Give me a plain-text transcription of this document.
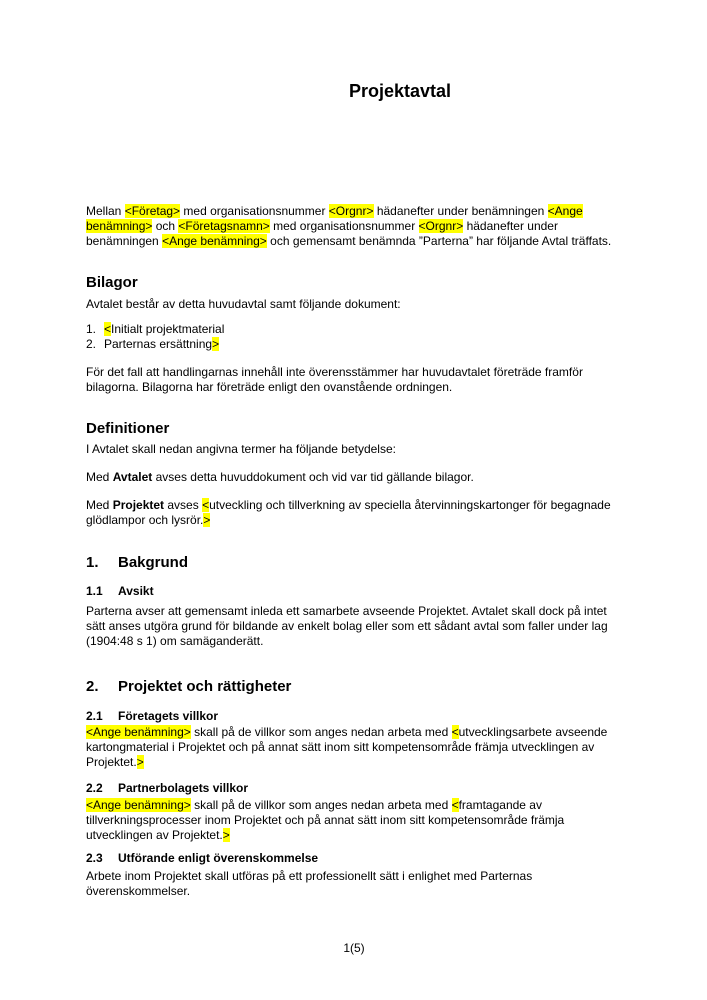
Projektavtal

Mellan <Företag> med organisationsnummer <Orgnr> hädanefter under benämningen <Ange benämning> och <Företagsnamn> med organisationsnummer <Orgnr> hädanefter under benämningen <Ange benämning> och gemensamt benämnda ”Parterna” har följande Avtal träffats.

Bilagor

Avtalet består av detta huvudavtal samt följande dokument:

1. <Initialt projektmaterial
2. Parternas ersättning>

För det fall att handlingarnas innehåll inte överensstämmer har huvudavtalet företräde framför bilagorna. Bilagorna har företräde enligt den ovanstående ordningen.

Definitioner

I Avtalet skall nedan angivna termer ha följande betydelse:

Med Avtalet avses detta huvuddokument och vid var tid gällande bilagor.

Med Projektet avses <utveckling och tillverkning av speciella återvinningskartonger för begagnade glödlampor och lysrör.>

1. Bakgrund
1.1 Avsikt

Parterna avser att gemensamt inleda ett samarbete avseende Projektet. Avtalet skall dock på intet sätt anses utgöra grund för bildande av enkelt bolag eller som ett sådant avtal som faller under lag (1904:48 s 1) om samäganderätt.

2. Projektet och rättigheter
2.1 Företagets villkor

<Ange benämning> skall på de villkor som anges nedan arbeta med <utvecklingsarbete avseende kartongmaterial i Projektet och på annat sätt inom sitt kompetensområde främja utvecklingen av Projektet.>

2.2 Partnerbolagets villkor

<Ange benämning> skall på de villkor som anges nedan arbeta med <framtagande av tillverkningsprocesser inom Projektet och på annat sätt inom sitt kompetensområde främja utvecklingen av Projektet.>

2.3 Utförande enligt överenskommelse

Arbete inom Projektet skall utföras på ett professionellt sätt i enlighet med Parternas överenskommelser.

1(5)
